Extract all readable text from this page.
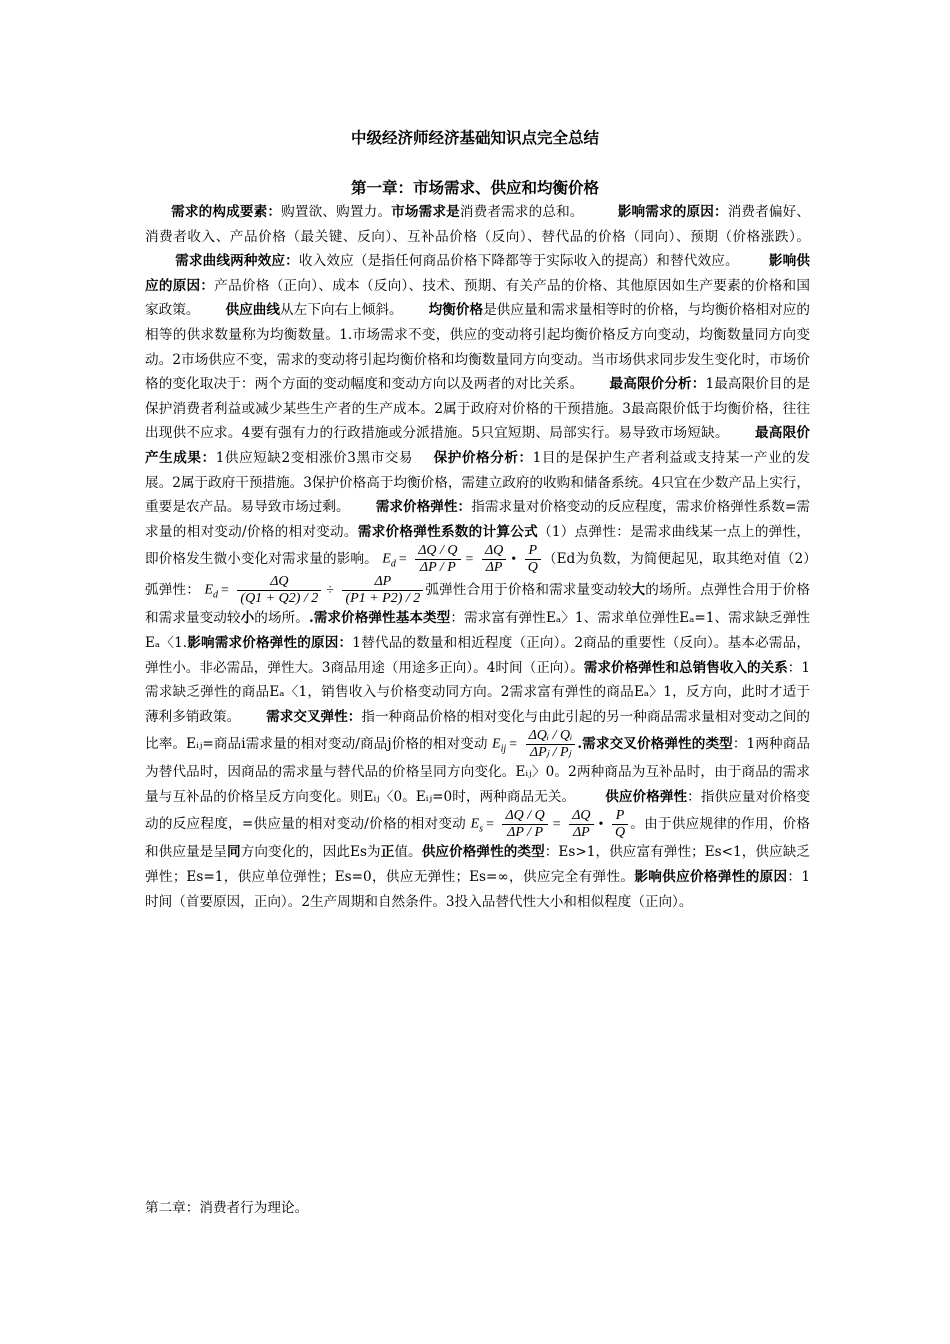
中级经济师经济基础知识点完全总结
第一章：市场需求、供应和均衡价格
需求的构成要素：购置欲、购置力。市场需求是消费者需求的总和。	影响需求的原因：消费者偏好、消费者收入、产品价格（最关键、反向）、互补品价格（反向）、替代品的价格（同向）、预期（价格涨跌）。需求曲线两种效应：收入效应（是指任何商品价格下降都等于实际收入的提高）和替代效应。 影响供应的原因：产品价格（正向）、成本（反向）、技术、预期、有关产品的价格、其他原因如生产要素的价格和国家政策。 供应曲线从左下向右上倾斜。 均衡价格是供应量和需求量相等时的价格，与均衡价格相对应的相等的供求数量称为均衡数量。1.市场需求不变，供应的变动将引起均衡价格反方向变动，均衡数量同方向变动。2市场供应不变，需求的变动将引起均衡价格和均衡数量同方向变动。当市场供求同步发生变化时，市场价格的变化取决于：两个方面的变动幅度和变动方向以及两者的对比关系。 最高限价分析：1最高限价目的是保护消费者利益或减少某些生产者的生产成本。2属于政府对价格的干预措施。3最高限价低于均衡价格，往往出现供不应求。4要有强有力的行政措施或分派措施。5只宜短期、局部实行。易导致市场短缺。 最高限价产生成果：1供应短缺2变相涨价3黑市交易 保护价格分析：1目的是保护生产者利益或支持某一产业的发展。2属于政府干预措施。3保护价格高于均衡价格，需建立政府的收购和储备系统。4只宜在少数产品上实行，重要是农产品。易导致市场过剩。 需求价格弹性：指需求量对价格变动的反应程度，需求价格弹性系数=需求量的相对变动/价格的相对变动。需求价格弹性系数的计算公式（1）点弹性：是需求曲线某一点上的弹性，即价格发生微小变化对需求量的影响。 $E_d = \frac{\Delta Q / Q}{\Delta P / P} = \frac{\Delta Q}{\Delta P}$ • $\frac{P}{Q} (Ed$为负数，为简便起见，取其绝对值（2）弧弹性： $E_d = \frac{\Delta Q}{(Q1 + Q2) / 2} \div \frac{\Delta P}{(P1 + P2) / 2}$ 弧弹性合用于价格和需求量变动较大的场所。点弹性合用于价格和需求量变动较小的场所。.需求价格弹性基本类型：需求富有弹性Eₐ〉1、需求单位弹性Eₐ=1、需求缺乏弹性Eₐ〈1.影响需求价格弹性的原因：1替代品的数量和相近程度（正向）。2商品的重要性（反向）。基本必需品，弹性小。非必需品，弹性大。3商品用途（用途多正向）。4时间（正向）。需求价格弹性和总销售收入的关系：1需求缺乏弹性的商品Eₐ〈1，销售收入与价格变动同方向。2需求富有弹性的商品Eₐ〉1，反方向，此时才适于薄利多销政策。 需求交叉弹性：指一种商品价格的相对变化与由此引起的另一种商品需求量相对变动之间的比率。Eᵢⱼ=商品i需求量的相对变动/商品j价格的相对变动 $E_{ij} = \frac{\text{ΔQᵢ / Qᵢ}}{\text{ΔPⱼ / Pⱼ}}$ .需求交叉价格弹性的类型：1两种商品为替代品时，因商品的需求量与替代品的价格呈同方向变化。Eᵢⱼ〉0。2两种商品为互补品时，由于商品的需求量与互补品的价格呈反方向变化。则Eᵢⱼ〈0。Eᵢⱼ=0时，两种商品无关。 供应价格弹性：指供应量对价格变动的反应程度，=供应量的相对变动/价格的相对变动 $E_s = \frac{\Delta Q / Q}{\Delta P / P} = \frac{\Delta Q}{\Delta P}$ • $\frac{P}{Q}$ 。由于供应规律的作用，价格和供应量是呈同方向变化的，因此Es为正值。供应价格弹性的类型：Es>1，供应富有弹性；Es<1，供应缺乏弹性；Es=1，供应单位弹性；Es=0，供应无弹性；Es=∞，供应完全有弹性。影响供应价格弹性的原因：1时间（首要原因，正向）。2生产周期和自然条件。3投入品替代性大小和相似程度（正向）。
第二章：消费者行为理论。
